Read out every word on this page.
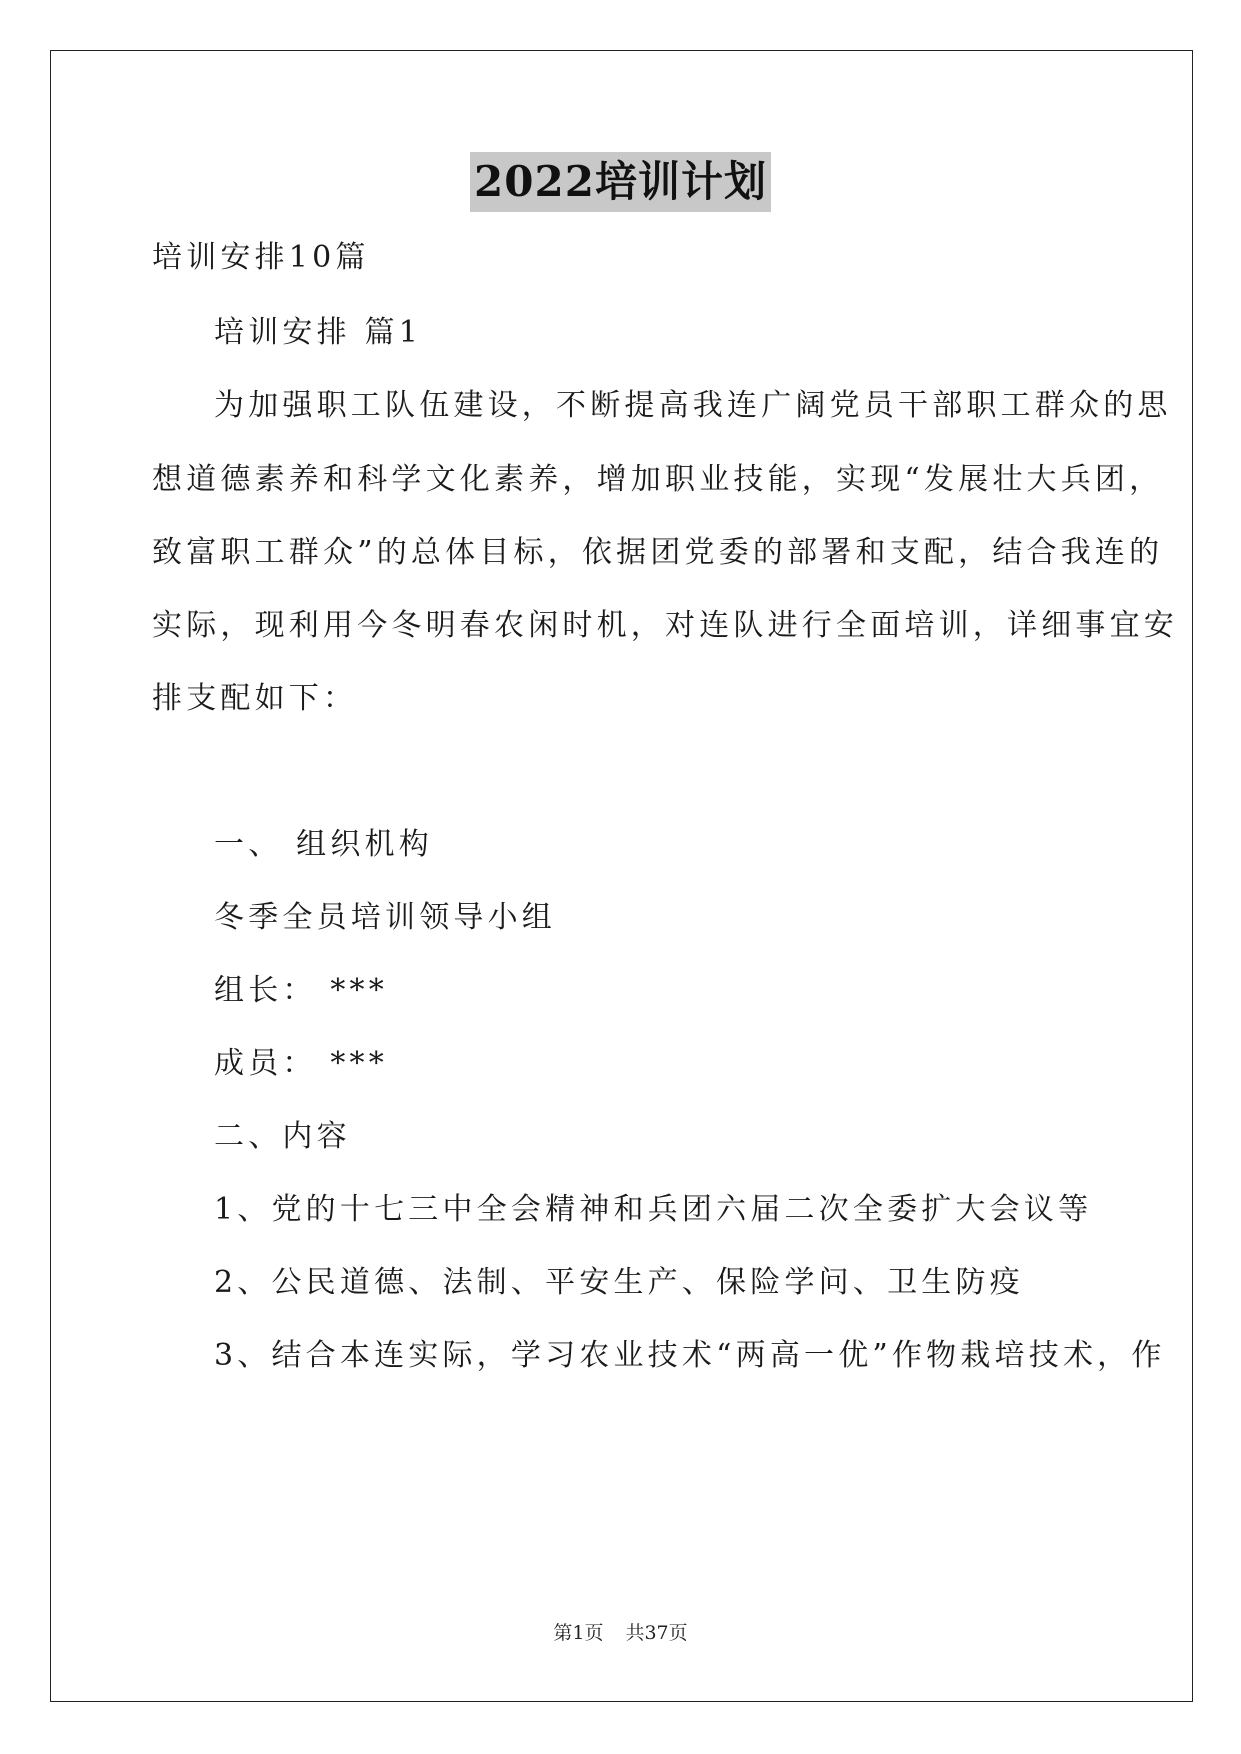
2022培训计划
培训安排10篇
培训安排 篇1
为加强职工队伍建设，不断提高我连广阔党员干部职工群众的思
想道德素养和科学文化素养，增加职业技能，实现“发展壮大兵团，
致富职工群众”的总体目标，依据团党委的部署和支配，结合我连的
实际，现利用今冬明春农闲时机，对连队进行全面培训，详细事宜安
排支配如下：
一、 组织机构
冬季全员培训领导小组
组长： ***
成员： ***
二、内容
1、党的十七三中全会精神和兵团六届二次全委扩大会议等
2、公民道德、法制、平安生产、保险学问、卫生防疫
3、结合本连实际，学习农业技术“两高一优”作物栽培技术，作
第1页 共37页
